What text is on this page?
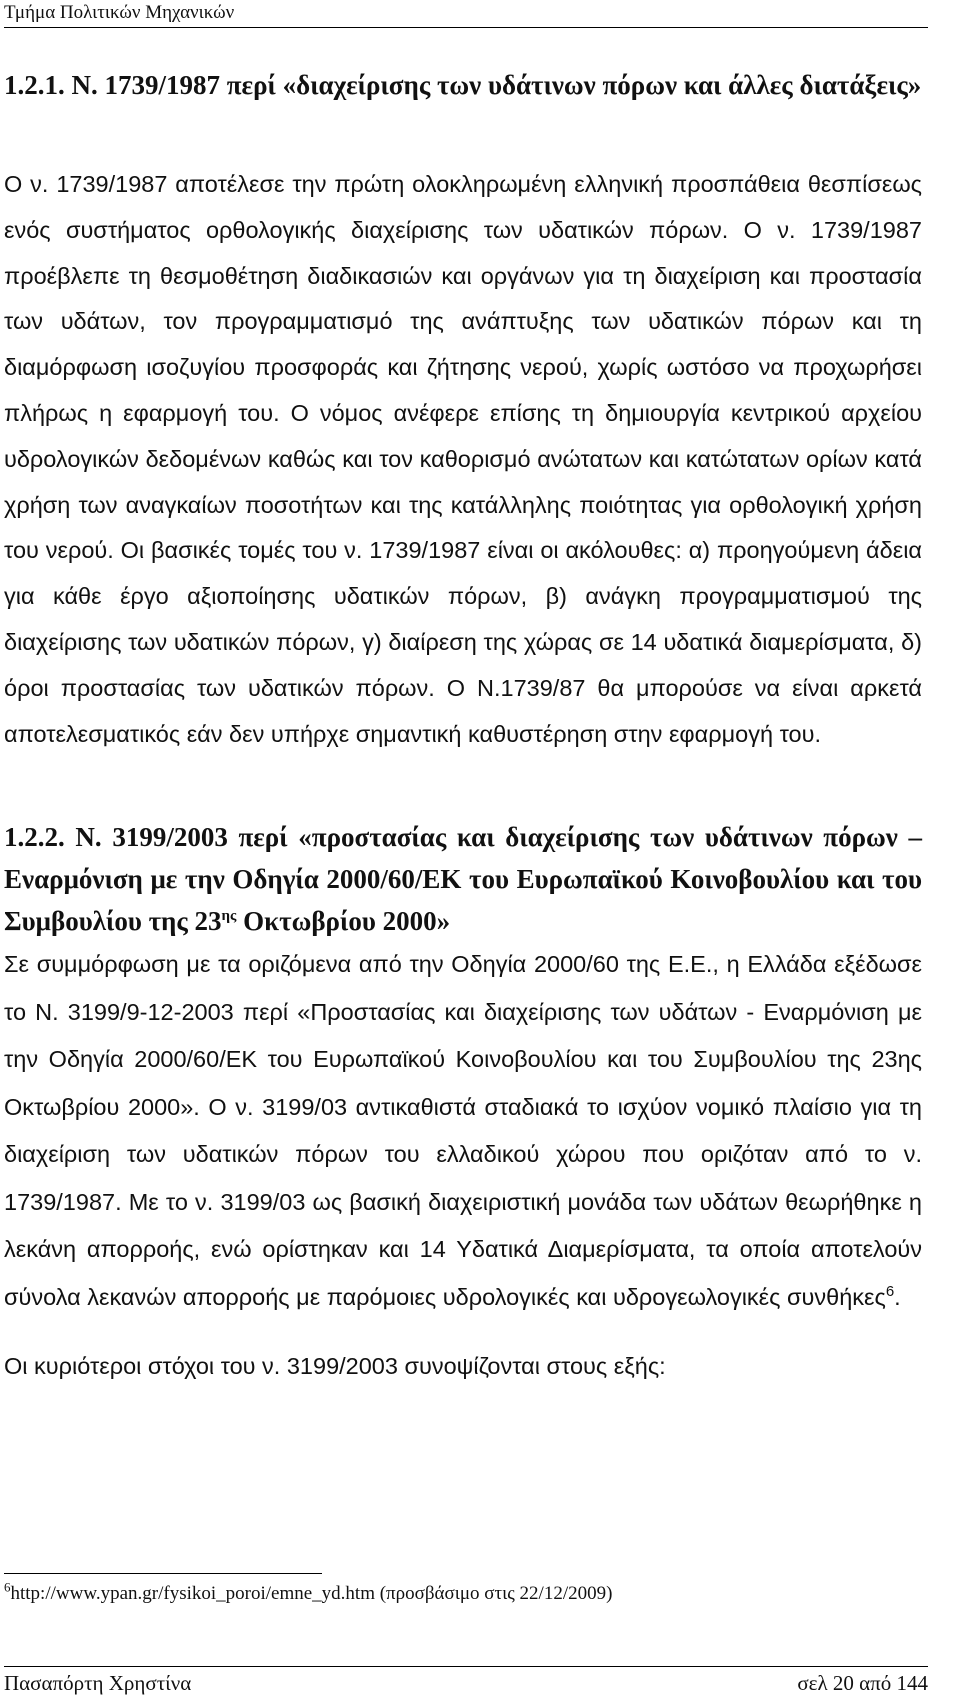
Τμήμα Πολιτικών Μηχανικών
1.2.1. Ν. 1739/1987 περί «διαχείρισης των υδάτινων πόρων και άλλες διατάξεις»

Ο ν. 1739/1987 αποτέλεσε την πρώτη ολοκληρωμένη ελληνική προσπάθεια θεσπίσεως ενός συστήματος ορθολογικής διαχείρισης των υδατικών πόρων. Ο ν. 1739/1987 προέβλεπε τη θεσμοθέτηση διαδικασιών και οργάνων για τη διαχείριση και προστασία των υδάτων, τον προγραμματισμό της ανάπτυξης των υδατικών πόρων και τη διαμόρφωση ισοζυγίου προσφοράς και ζήτησης νερού, χωρίς ωστόσο να προχωρήσει πλήρως η εφαρμογή του. Ο νόμος ανέφερε επίσης τη δημιουργία κεντρικού αρχείου υδρολογικών δεδομένων καθώς και τον καθορισμό ανώτατων και κατώτατων ορίων κατά χρήση των αναγκαίων ποσοτήτων και της κατάλληλης ποιότητας για ορθολογική χρήση του νερού. Οι βασικές τομές του ν. 1739/1987 είναι οι ακόλουθες: α) προηγούμενη άδεια για κάθε έργο αξιοποίησης υδατικών πόρων, β) ανάγκη προγραμματισμού της διαχείρισης των υδατικών πόρων, γ) διαίρεση της χώρας σε 14 υδατικά διαμερίσματα, δ) όροι προστασίας των υδατικών πόρων. Ο Ν.1739/87 θα μπορούσε να είναι αρκετά αποτελεσματικός εάν δεν υπήρχε σημαντική καθυστέρηση στην εφαρμογή του.

1.2.2. Ν. 3199/2003 περί «προστασίας και διαχείρισης των υδάτινων πόρων – Εναρμόνιση με την Οδηγία 2000/60/ΕΚ του Ευρωπαϊκού Κοινοβουλίου και του Συμβουλίου της $23^{\eta\varsigma}$ Οκτωβρίου 2000»

Σε συμμόρφωση με τα οριζόμενα από την Οδηγία 2000/60 της Ε.Ε., η Ελλάδα εξέδωσε το Ν. 3199/9-12-2003 περί «Προστασίας και διαχείρισης των υδάτων - Εναρμόνιση με την Οδηγία 2000/60/ΕΚ του Ευρωπαϊκού Κοινοβουλίου και του Συμβουλίου της 23ης Οκτωβρίου 2000». Ο ν. 3199/03 αντικαθιστά σταδιακά το ισχύον νομικό πλαίσιο για τη διαχείριση των υδατικών πόρων του ελλαδικού χώρου που οριζόταν από το ν. 1739/1987. Με το ν. 3199/03 ως βασική διαχειριστική μονάδα των υδάτων θεωρήθηκε η λεκάνη απορροής, ενώ ορίστηκαν και 14 Υδατικά Διαμερίσματα, τα οποία αποτελούν σύνολα λεκανών απορροής με παρόμοιες υδρολογικές και υδρογεωλογικές συνθήκες$^6$.

Οι κυριότεροι στόχοι του ν. 3199/2003 συνοψίζονται στους εξής:

$^6$http://www.ypan.gr/fysikoi_poroi/emne_yd.htm (προσβάσιμο στις 22/12/2009)
Πασαπόρτη Χρηστίνα	σελ 20 από 144
